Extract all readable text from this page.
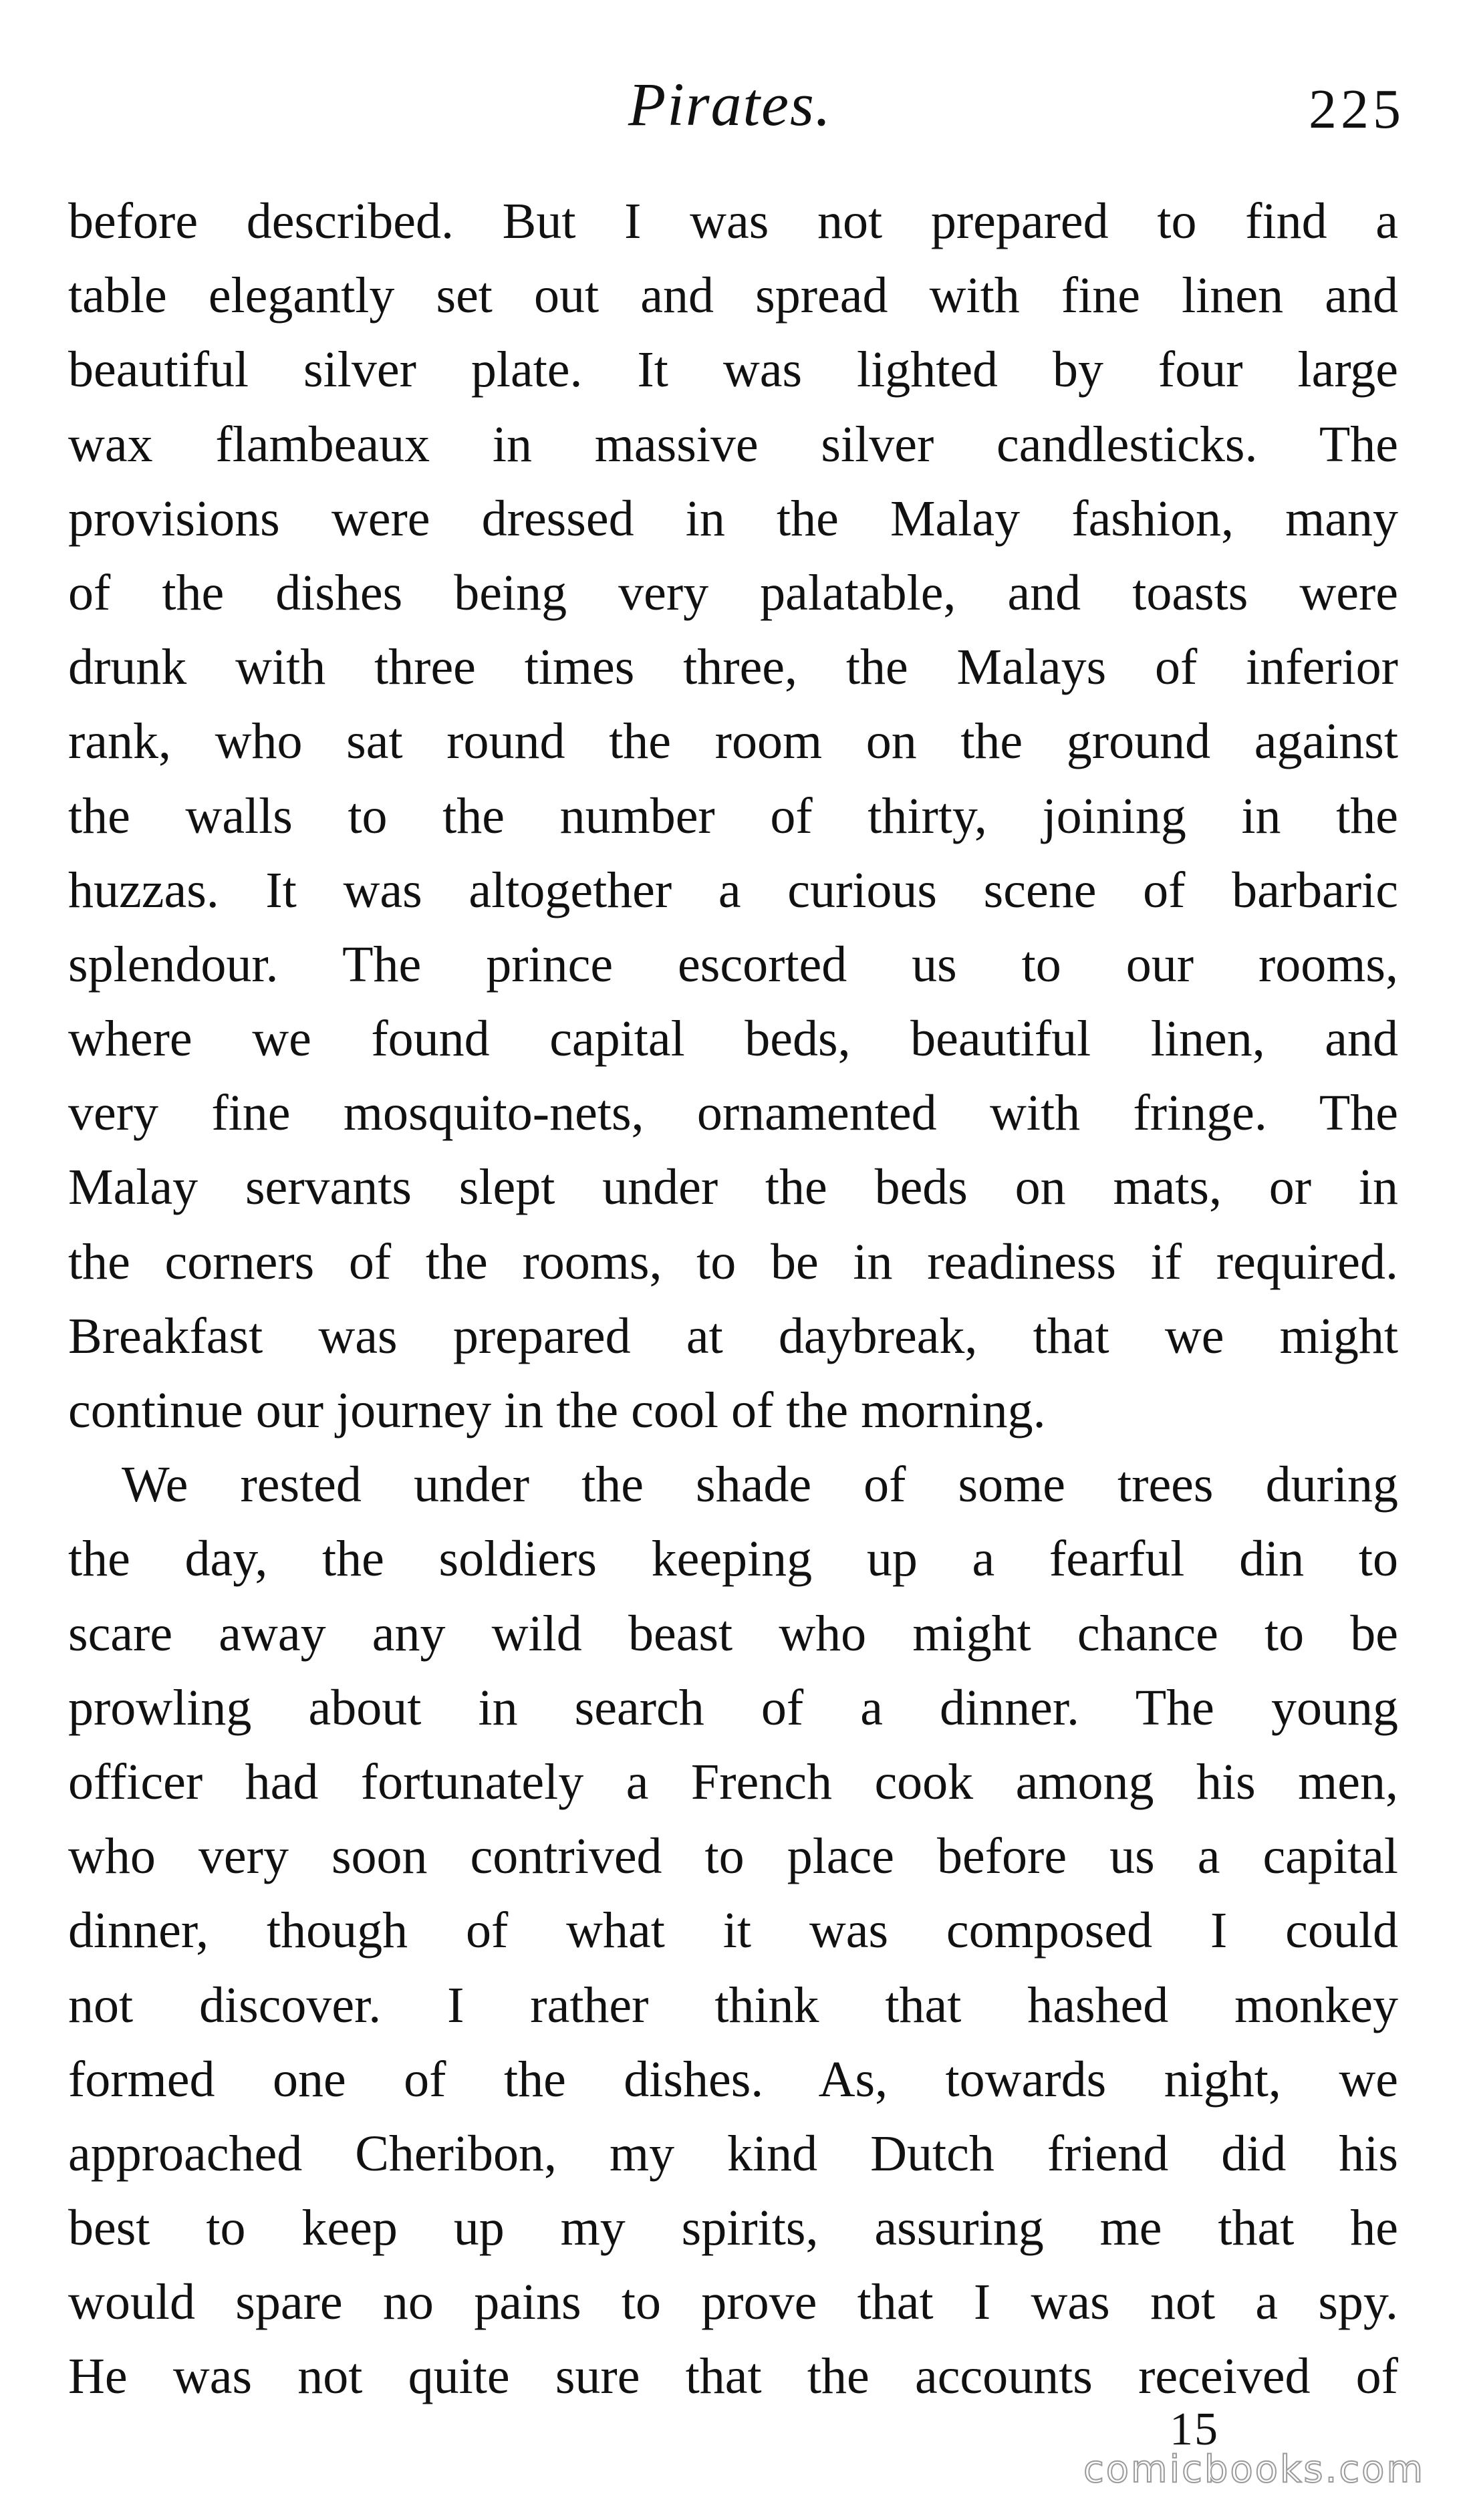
Pirates.	225
before described. But I was not prepared to find a
table elegantly set out and spread with fine linen and
beautiful silver plate. It was lighted by four large
wax flambeaux in massive silver candlesticks. The
provisions were dressed in the Malay fashion, many
of the dishes being very palatable, and toasts were
drunk with three times three, the Malays of inferior
rank, who sat round the room on the ground against
the walls to the number of thirty, joining in the
huzzas. It was altogether a curious scene of barbaric
splendour. The prince escorted us to our rooms,
where we found capital beds, beautiful linen, and
very fine mosquito-nets, ornamented with fringe. The
Malay servants slept under the beds on mats, or in
the corners of the rooms, to be in readiness if required.
Breakfast was prepared at daybreak, that we might
continue our journey in the cool of the morning.
We rested under the shade of some trees during
the day, the soldiers keeping up a fearful din to
scare away any wild beast who might chance to be
prowling about in search of a dinner. The young
officer had fortunately a French cook among his men,
who very soon contrived to place before us a capital
dinner, though of what it was composed I could
not discover. I rather think that hashed monkey
formed one of the dishes. As, towards night, we
approached Cheribon, my kind Dutch friend did his
best to keep up my spirits, assuring me that he
would spare no pains to prove that I was not a spy.
He was not quite sure that the accounts received of
15
comicbooks.com
